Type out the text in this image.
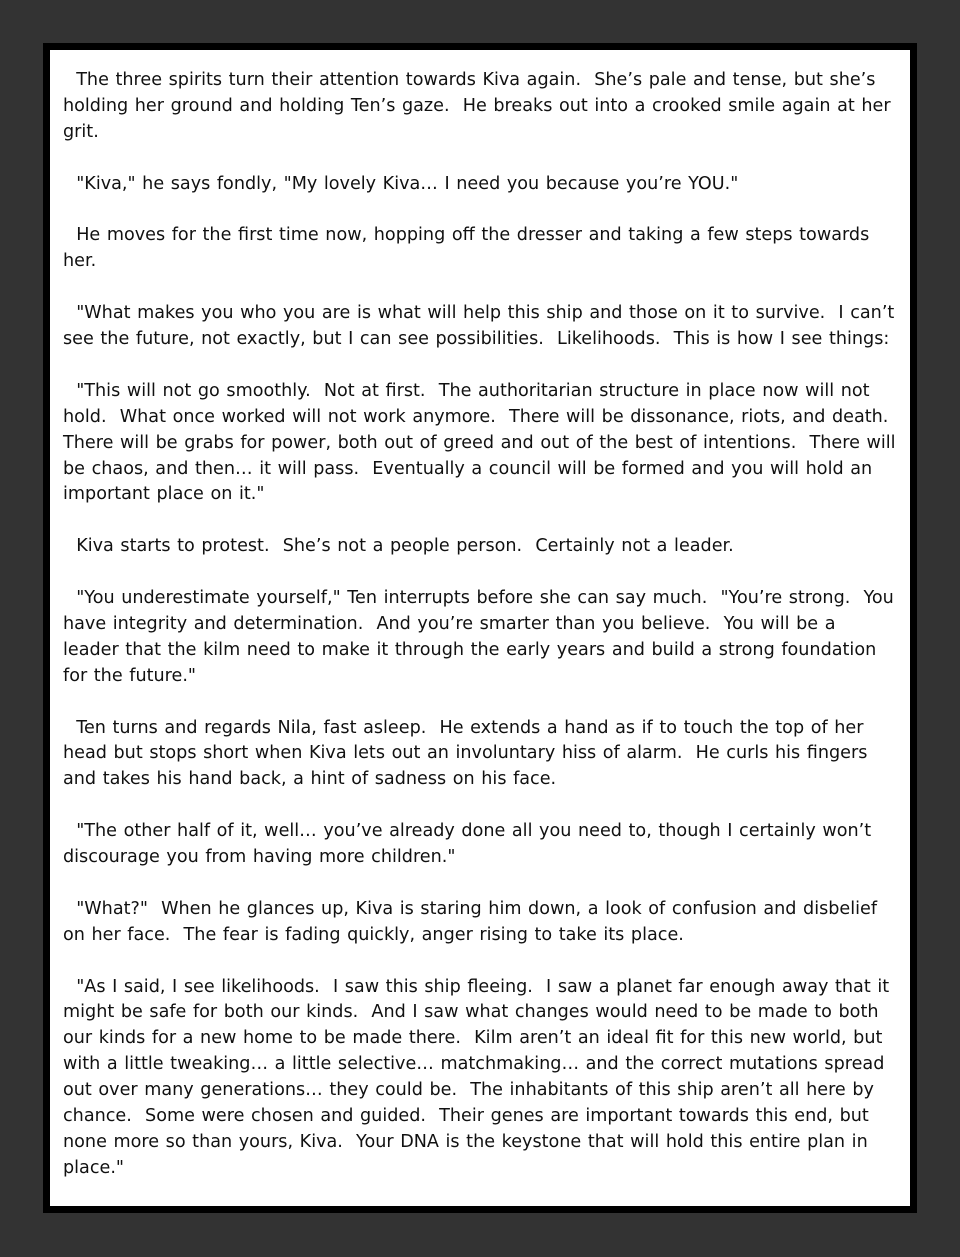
The three spirits turn their attention towards Kiva again.  She’s pale and tense, but she’s holding her ground and holding Ten’s gaze.  He breaks out into a crooked smile again at her grit.

"Kiva," he says fondly, "My lovely Kiva… I need you because you’re YOU."

He moves for the first time now, hopping off the dresser and taking a few steps towards her.

"What makes you who you are is what will help this ship and those on it to survive.  I can’t see the future, not exactly, but I can see possibilities.  Likelihoods.  This is how I see things:

"This will not go smoothly.  Not at first.  The authoritarian structure in place now will not hold.  What once worked will not work anymore.  There will be dissonance, riots, and death.  There will be grabs for power, both out of greed and out of the best of intentions.  There will be chaos, and then… it will pass.  Eventually a council will be formed and you will hold an important place on it."

Kiva starts to protest.  She’s not a people person.  Certainly not a leader.

"You underestimate yourself," Ten interrupts before she can say much.  "You’re strong.  You have integrity and determination.  And you’re smarter than you believe.  You will be a leader that the kilm need to make it through the early years and build a strong foundation for the future."

Ten turns and regards Nila, fast asleep.  He extends a hand as if to touch the top of her head but stops short when Kiva lets out an involuntary hiss of alarm.  He curls his fingers and takes his hand back, a hint of sadness on his face.

"The other half of it, well… you’ve already done all you need to, though I certainly won’t discourage you from having more children."

"What?"  When he glances up, Kiva is staring him down, a look of confusion and disbelief on her face.  The fear is fading quickly, anger rising to take its place.

"As I said, I see likelihoods.  I saw this ship fleeing.  I saw a planet far enough away that it might be safe for both our kinds.  And I saw what changes would need to be made to both our kinds for a new home to be made there.  Kilm aren’t an ideal fit for this new world, but with a little tweaking… a little selective… matchmaking… and the correct mutations spread out over many generations… they could be.  The inhabitants of this ship aren’t all here by chance.  Some were chosen and guided.  Their genes are important towards this end, but none more so than yours, Kiva.  Your DNA is the keystone that will hold this entire plan in place."
